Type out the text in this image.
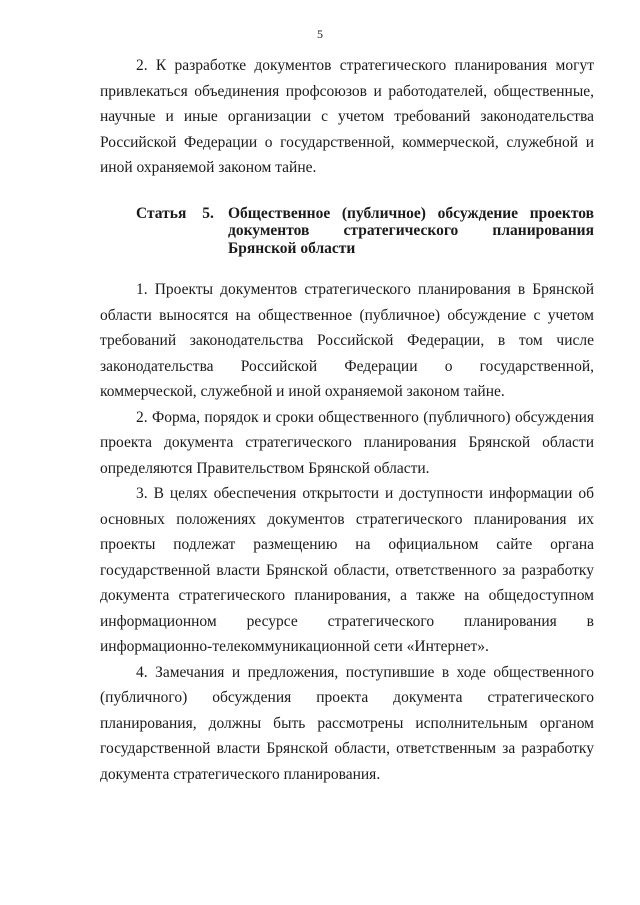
5

2. К разработке документов стратегического планирования могут привлекаться объединения профсоюзов и работодателей, общественные, научные и иные организации с учетом требований законодательства Российской Федерации о государственной, коммерческой, служебной и иной охраняемой законом тайне.

Статья 5. Общественное (публичное) обсуждение проектов документов стратегического планирования Брянской области

1. Проекты документов стратегического планирования в Брянской области выносятся на общественное (публичное) обсуждение с учетом требований законодательства Российской Федерации, в том числе законодательства Российской Федерации о государственной, коммерческой, служебной и иной охраняемой законом тайне.

2. Форма, порядок и сроки общественного (публичного) обсуждения проекта документа стратегического планирования Брянской области определяются Правительством Брянской области.

3. В целях обеспечения открытости и доступности информации об основных положениях документов стратегического планирования их проекты подлежат размещению на официальном сайте органа государственной власти Брянской области, ответственного за разработку документа стратегического планирования, а также на общедоступном информационном ресурсе стратегического планирования в информационно-телекоммуникационной сети «Интернет».

4. Замечания и предложения, поступившие в ходе общественного (публичного) обсуждения проекта документа стратегического планирования, должны быть рассмотрены исполнительным органом государственной власти Брянской области, ответственным за разработку документа стратегического планирования.
